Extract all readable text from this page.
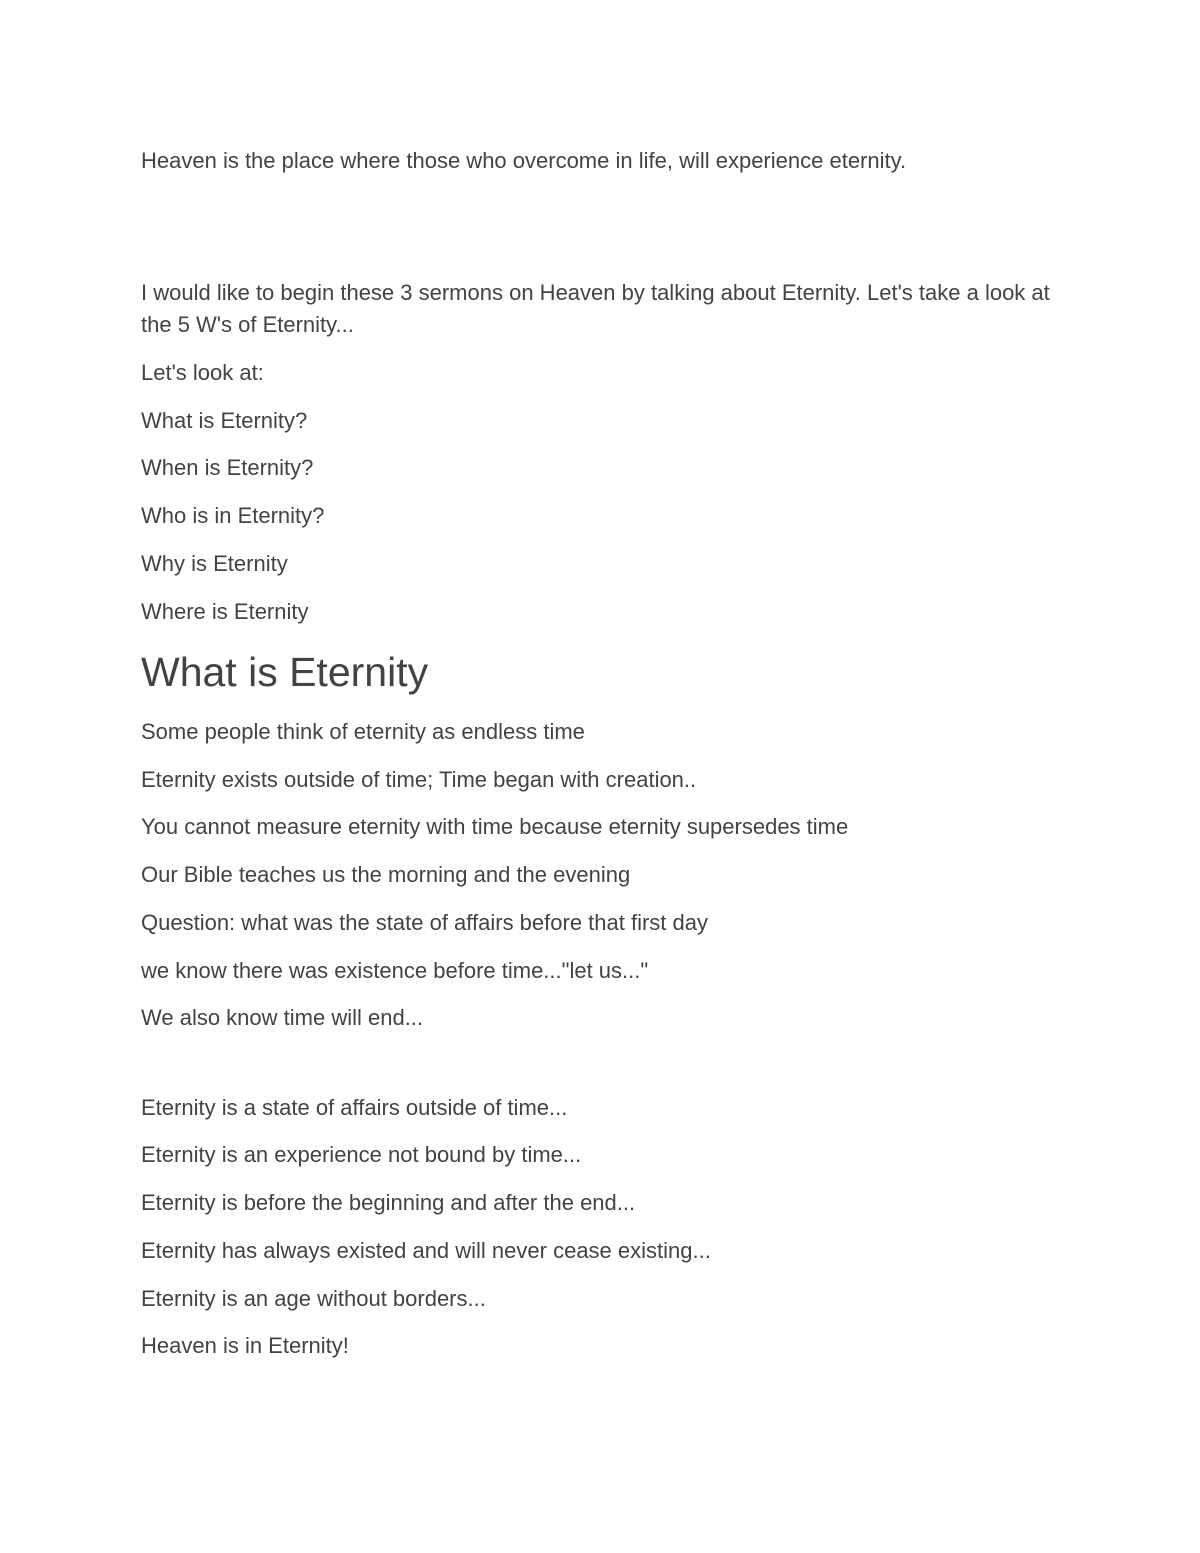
Heaven is the place where those who overcome in life, will experience eternity.

I would like to begin these 3 sermons on Heaven by talking about Eternity. Let's take a look at the 5 W's of Eternity...

Let's look at:

What is Eternity?

When is Eternity?

Who is in Eternity?

Why is Eternity

Where is Eternity

What is Eternity

Some people think of eternity as endless time

Eternity exists outside of time; Time began with creation..

You cannot measure eternity with time because eternity supersedes time

Our Bible teaches us the morning and the evening

Question: what was the state of affairs before that first day

we know there was existence before time..."let us..."

We also know time will end...

Eternity is a state of affairs outside of time...

Eternity is an experience not bound by time...

Eternity is before the beginning and after the end...

Eternity has always existed and will never cease existing...

Eternity is an age without borders...

Heaven is in Eternity!
